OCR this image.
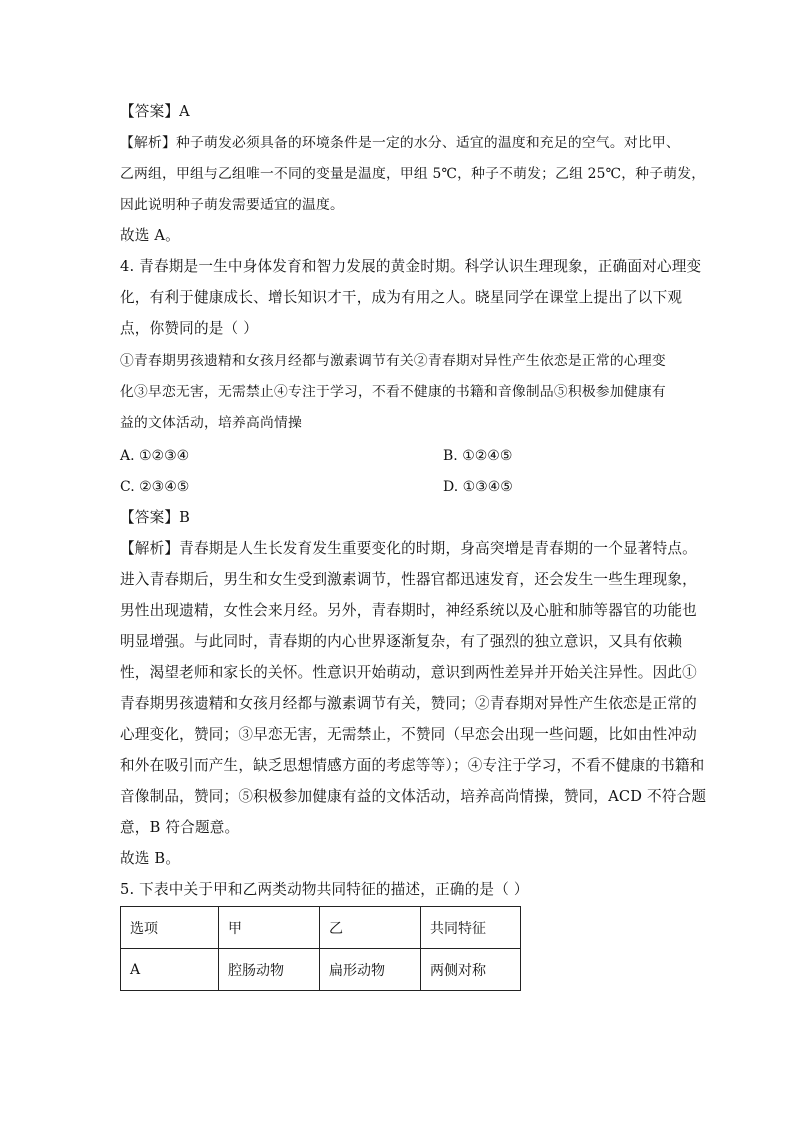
【答案】A
【解析】种子萌发必须具备的环境条件是一定的水分、适宜的温度和充足的空气。对比甲、
乙两组，甲组与乙组唯一不同的变量是温度，甲组 5℃，种子不萌发；乙组 25℃，种子萌发，
因此说明种子萌发需要适宜的温度。
故选 A。
4. 青春期是一生中身体发育和智力发展的黄金时期。科学认识生理现象，正确面对心理变
化，有利于健康成长、增长知识才干，成为有用之人。晓星同学在课堂上提出了以下观
点，你赞同的是（ ）
①青春期男孩遗精和女孩月经都与激素调节有关②青春期对异性产生依恋是正常的心理变
化③早恋无害，无需禁止④专注于学习，不看不健康的书籍和音像制品⑤积极参加健康有
益的文体活动，培养高尚情操
A. ①②③④	B. ①②④⑤
C. ②③④⑤	D. ①③④⑤
【答案】B
【解析】青春期是人生长发育发生重要变化的时期，身高突增是青春期的一个显著特点。
进入青春期后，男生和女生受到激素调节，性器官都迅速发育，还会发生一些生理现象，
男性出现遗精，女性会来月经。另外，青春期时，神经系统以及心脏和肺等器官的功能也
明显增强。与此同时，青春期的内心世界逐渐复杂，有了强烈的独立意识，又具有依赖
性，渴望老师和家长的关怀。性意识开始萌动，意识到两性差异并开始关注异性。因此①
青春期男孩遗精和女孩月经都与激素调节有关，赞同；②青春期对异性产生依恋是正常的
心理变化，赞同；③早恋无害，无需禁止，不赞同（早恋会出现一些问题，比如由性冲动
和外在吸引而产生，缺乏思想情感方面的考虑等等）；④专注于学习，不看不健康的书籍和
音像制品，赞同；⑤积极参加健康有益的文体活动，培养高尚情操，赞同，ACD 不符合题
意，B 符合题意。
故选 B。
5. 下表中关于甲和乙两类动物共同特征的描述，正确的是（ ）
选项	甲	乙	共同特征
A	腔肠动物	扁形动物	两侧对称
